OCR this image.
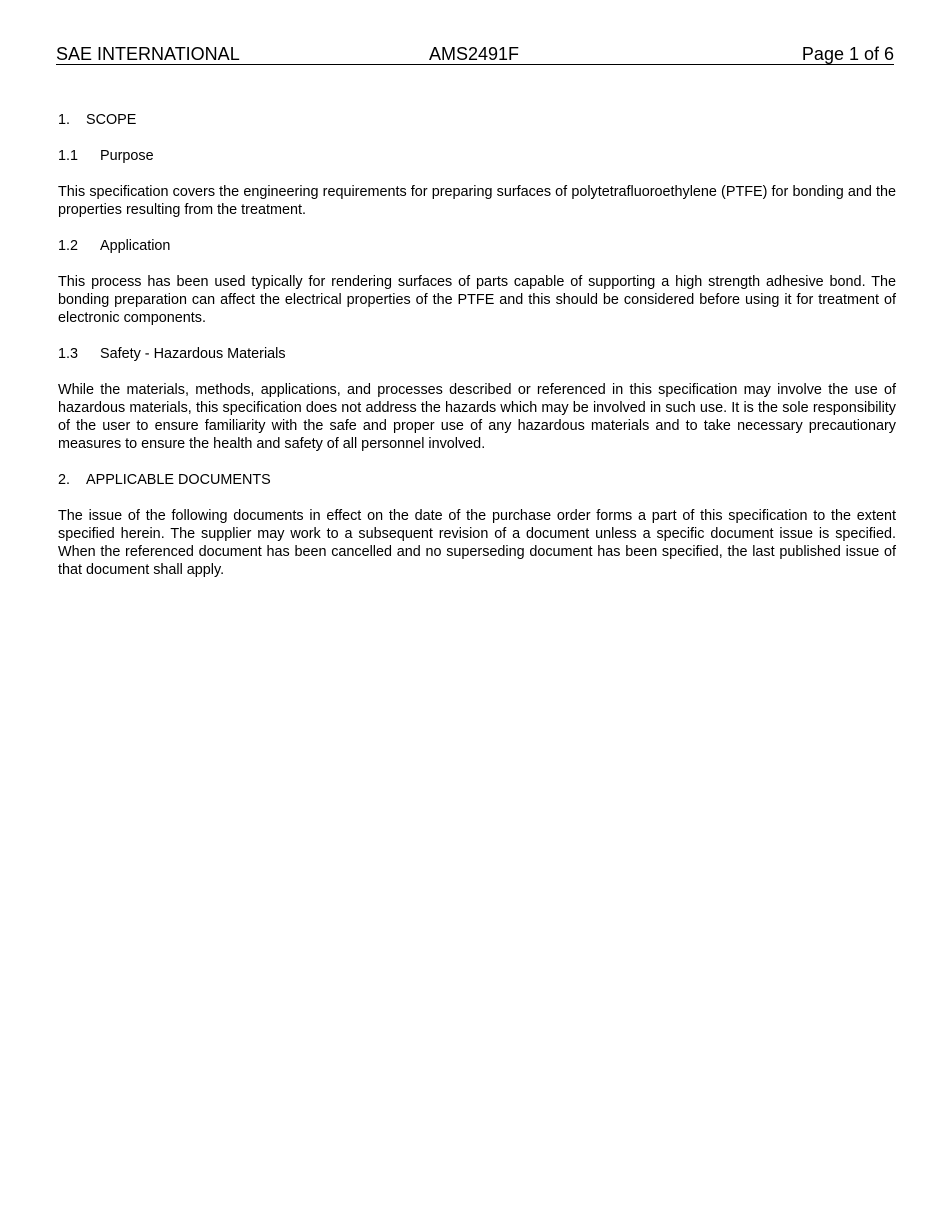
SAE INTERNATIONAL	AMS2491F	Page 1 of 6
1. SCOPE
1.1 Purpose

This specification covers the engineering requirements for preparing surfaces of polytetrafluoroethylene (PTFE) for bonding and the properties resulting from the treatment.

1.2 Application

This process has been used typically for rendering surfaces of parts capable of supporting a high strength adhesive bond. The bonding preparation can affect the electrical properties of the PTFE and this should be considered before using it for treatment of electronic components.

1.3 Safety - Hazardous Materials

While the materials, methods, applications, and processes described or referenced in this specification may involve the use of hazardous materials, this specification does not address the hazards which may be involved in such use. It is the sole responsibility of the user to ensure familiarity with the safe and proper use of any hazardous materials and to take necessary precautionary measures to ensure the health and safety of all personnel involved.

2. APPLICABLE DOCUMENTS

The issue of the following documents in effect on the date of the purchase order forms a part of this specification to the extent specified herein. The supplier may work to a subsequent revision of a document unless a specific document issue is specified. When the referenced document has been cancelled and no superseding document has been specified, the last published issue of that document shall apply.
